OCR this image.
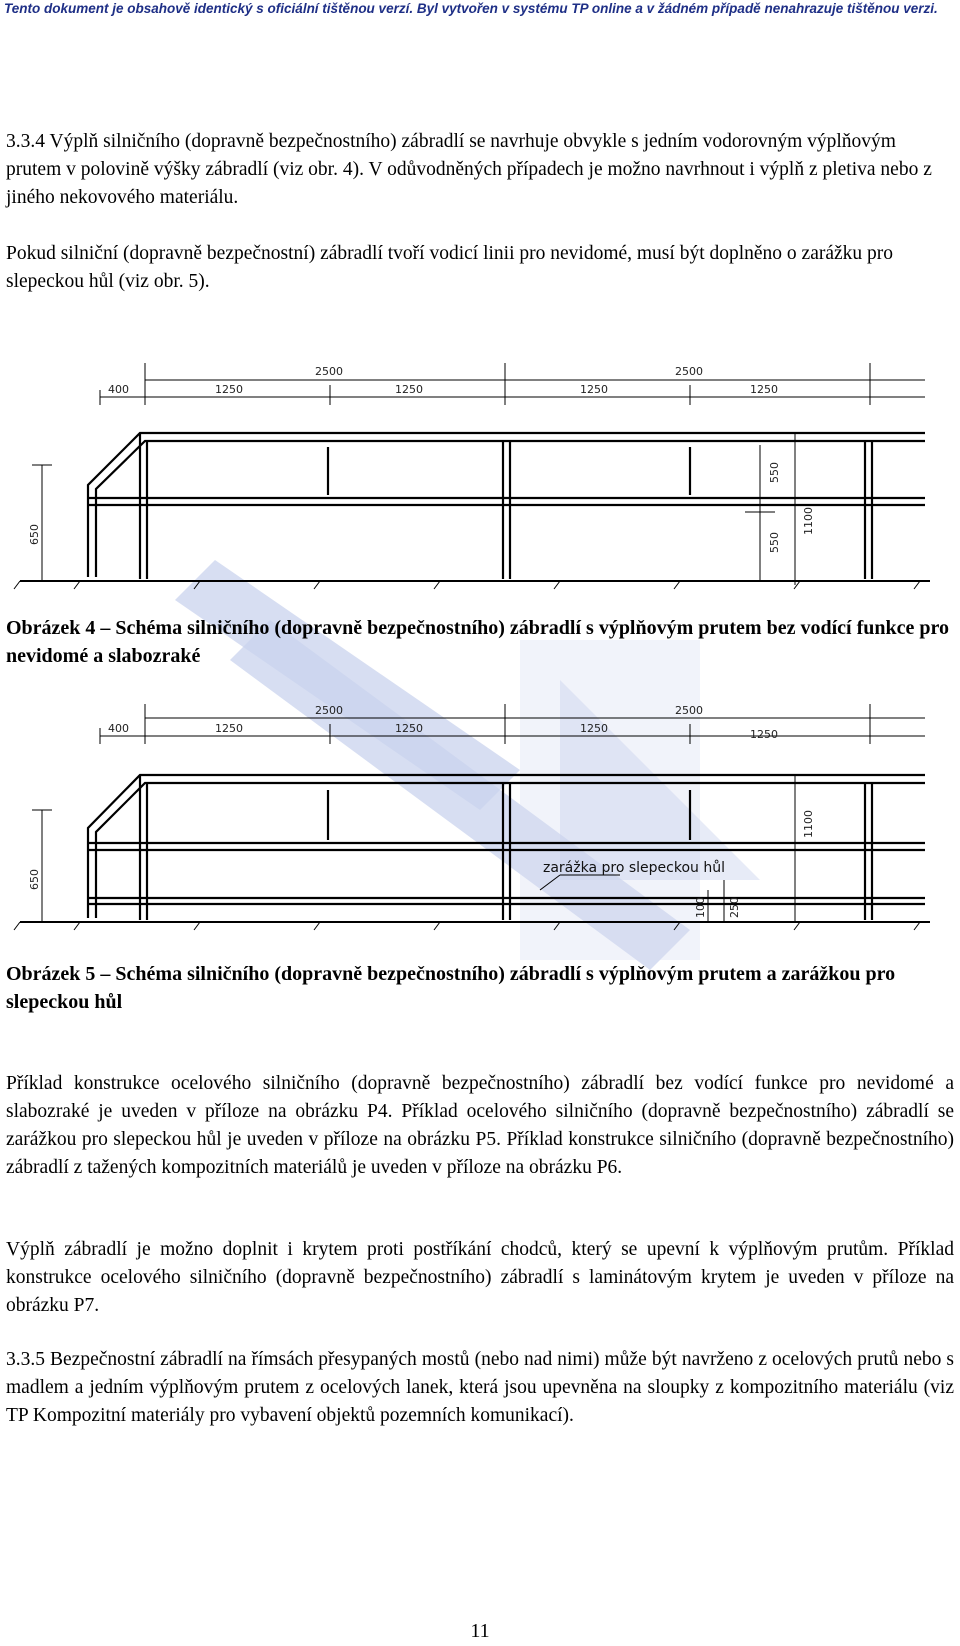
Tento dokument je obsahově identický s oficiální tištěnou verzí. Byl vytvořen v systému TP online a v žádném případě nenahrazuje tištěnou verzi.

3.3.4 Výplň silničního (dopravně bezpečnostního) zábradlí se navrhuje obvykle s jedním vodorovným výplňovým prutem v polovině výšky zábradlí (viz obr. 4). V odůvodněných případech je možno navrhnout i výplň z pletiva nebo z jiného nekovového materiálu.

Pokud silniční (dopravně bezpečnostní) zábradlí tvoří vodicí linii pro nevidomé, musí být doplněno o zarážku pro slepeckou hůl (viz obr. 5).

2500	2500
400	1250	1250	1250	1250
550
550
1100
650

Obrázek 4 – Schéma silničního (dopravně bezpečnostního) zábradlí s výplňovým prutem bez vodící funkce pro nevidomé a slabozraké

2500	2500
400	1250	1250	1250	1250
1100
650
100 250
zarážka pro slepeckou hůl

Obrázek 5 – Schéma silničního (dopravně bezpečnostního) zábradlí s výplňovým prutem a zarážkou pro slepeckou hůl

Příklad konstrukce ocelového silničního (dopravně bezpečnostního) zábradlí bez vodící funkce pro nevidomé a slabozraké je uveden v příloze na obrázku P4. Příklad ocelového silničního (dopravně bezpečnostního) zábradlí se zarážkou pro slepeckou hůl je uveden v příloze na obrázku P5. Příklad konstrukce silničního (dopravně bezpečnostního) zábradlí z tažených kompozitních materiálů je uveden v příloze na obrázku P6.

Výplň zábradlí je možno doplnit i krytem proti postříkání chodců, který se upevní k výplňovým prutům. Příklad konstrukce ocelového silničního (dopravně bezpečnostního) zábradlí s laminátovým krytem je uveden v příloze na obrázku P7.

3.3.5 Bezpečnostní zábradlí na římsách přesypaných mostů (nebo nad nimi) může být navrženo z ocelových prutů nebo s madlem a jedním výplňovým prutem z ocelových lanek, která jsou upevněna na sloupky z kompozitního materiálu (viz TP Kompozitní materiály pro vybavení objektů pozemních komunikací).

11
